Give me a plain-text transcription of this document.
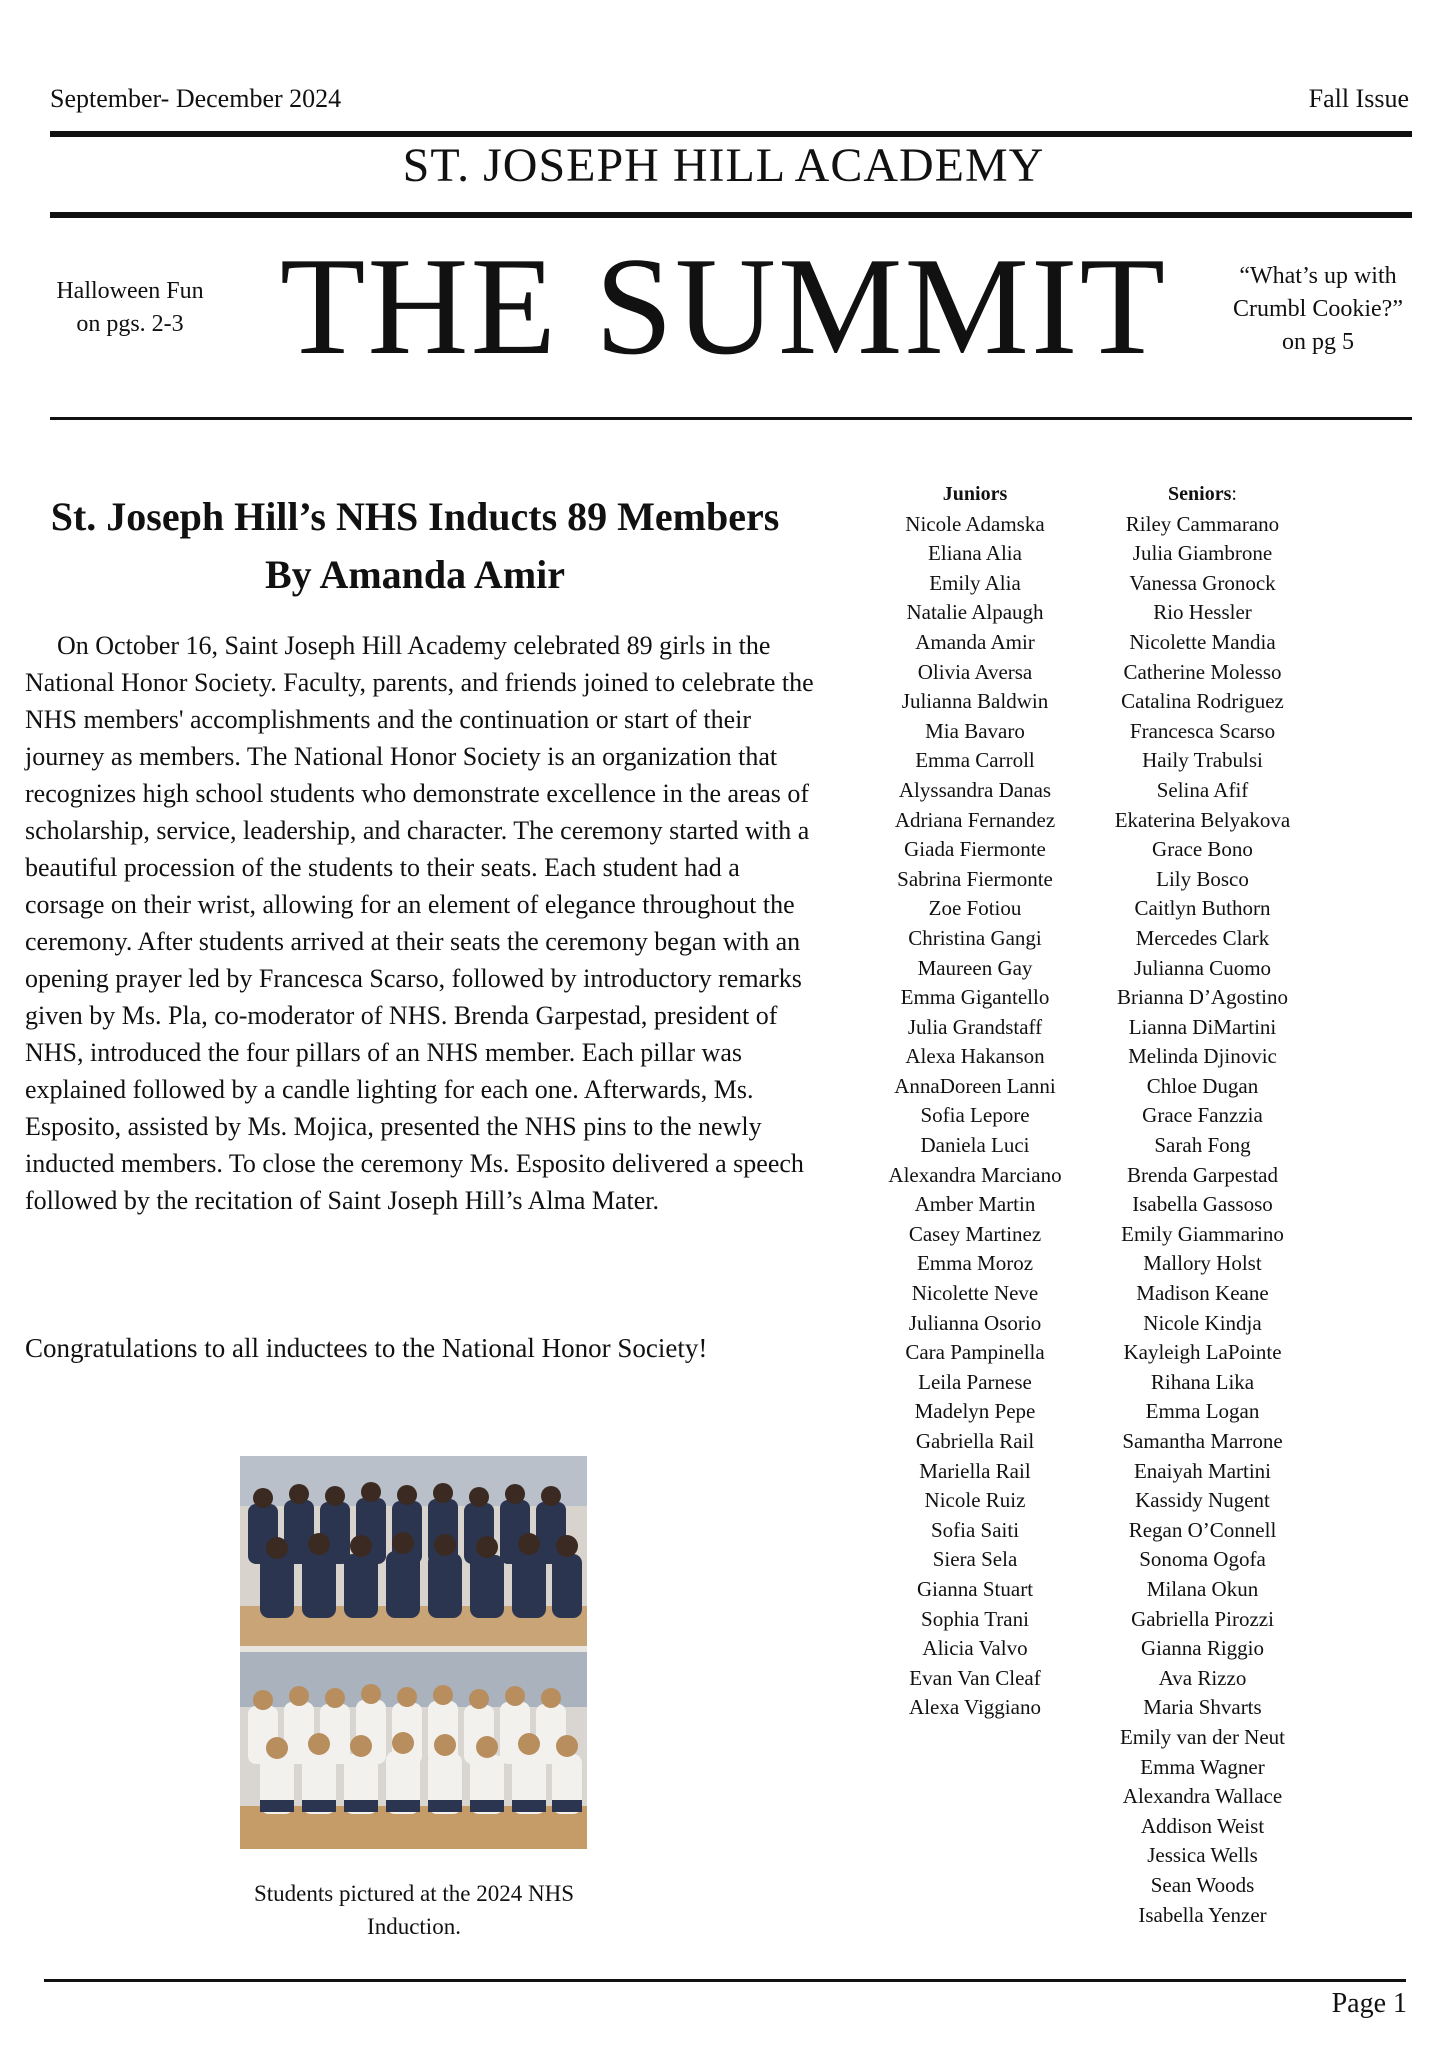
September- December 2024	Fall Issue
ST. JOSEPH HILL ACADEMY
Halloween Fun
on pgs. 2-3 THE SUMMIT	“What’s up with
Crumbl Cookie?”
on pg 5
St. Joseph Hill’s NHS Inducts 89 Members
By Amanda Amir

On October 16, Saint Joseph Hill Academy celebrated 89 girls in the National Honor Society. Faculty, parents, and friends joined to celebrate the NHS members' accomplishments and the continuation or start of their journey as members. The National Honor Society is an organization that recognizes high school students who demonstrate excellence in the areas of scholarship, service, leadership, and character. The ceremony started with a beautiful procession of the students to their seats. Each student had a corsage on their wrist, allowing for an element of elegance throughout the ceremony. After students arrived at their seats the ceremony began with an opening prayer led by Francesca Scarso, followed by introductory remarks given by Ms. Pla, co-moderator of NHS. Brenda Garpestad, president of NHS, introduced the four pillars of an NHS member. Each pillar was explained followed by a candle lighting for each one. Afterwards, Ms. Esposito, assisted by Ms. Mojica, presented the NHS pins to the newly inducted members. To close the ceremony Ms. Esposito delivered a speech followed by the recitation of Saint Joseph Hill’s Alma Mater.

Congratulations to all inductees to the National Honor Society!
Students pictured at the 2024 NHS Induction.
Juniors
Nicole Adamska
Eliana Alia
Emily Alia
Natalie Alpaugh
Amanda Amir
Olivia Aversa
Julianna Baldwin
Mia Bavaro
Emma Carroll
Alyssandra Danas
Adriana Fernandez
Giada Fiermonte
Sabrina Fiermonte
Zoe Fotiou
Christina Gangi
Maureen Gay
Emma Gigantello
Julia Grandstaff
Alexa Hakanson
AnnaDoreen Lanni
Sofia Lepore
Daniela Luci
Alexandra Marciano
Amber Martin
Casey Martinez
Emma Moroz
Nicolette Neve
Julianna Osorio
Cara Pampinella
Leila Parnese
Madelyn Pepe
Gabriella Rail
Mariella Rail
Nicole Ruiz
Sofia Saiti
Siera Sela
Gianna Stuart
Sophia Trani
Alicia Valvo
Evan Van Cleaf
Alexa Viggiano
Seniors:
Riley Cammarano
Julia Giambrone
Vanessa Gronock
Rio Hessler
Nicolette Mandia
Catherine Molesso
Catalina Rodriguez
Francesca Scarso
Haily Trabulsi
Selina Afif
Ekaterina Belyakova
Grace Bono
Lily Bosco
Caitlyn Buthorn
Mercedes Clark
Julianna Cuomo
Brianna D’Agostino
Lianna DiMartini
Melinda Djinovic
Chloe Dugan
Grace Fanzzia
Sarah Fong
Brenda Garpestad
Isabella Gassoso
Emily Giammarino
Mallory Holst
Madison Keane
Nicole Kindja
Kayleigh LaPointe
Rihana Lika
Emma Logan
Samantha Marrone
Enaiyah Martini
Kassidy Nugent
Regan O’Connell
Sonoma Ogofa
Milana Okun
Gabriella Pirozzi
Gianna Riggio
Ava Rizzo
Maria Shvarts
Emily van der Neut
Emma Wagner
Alexandra Wallace
Addison Weist
Jessica Wells
Sean Woods
Isabella Yenzer
Page 1
